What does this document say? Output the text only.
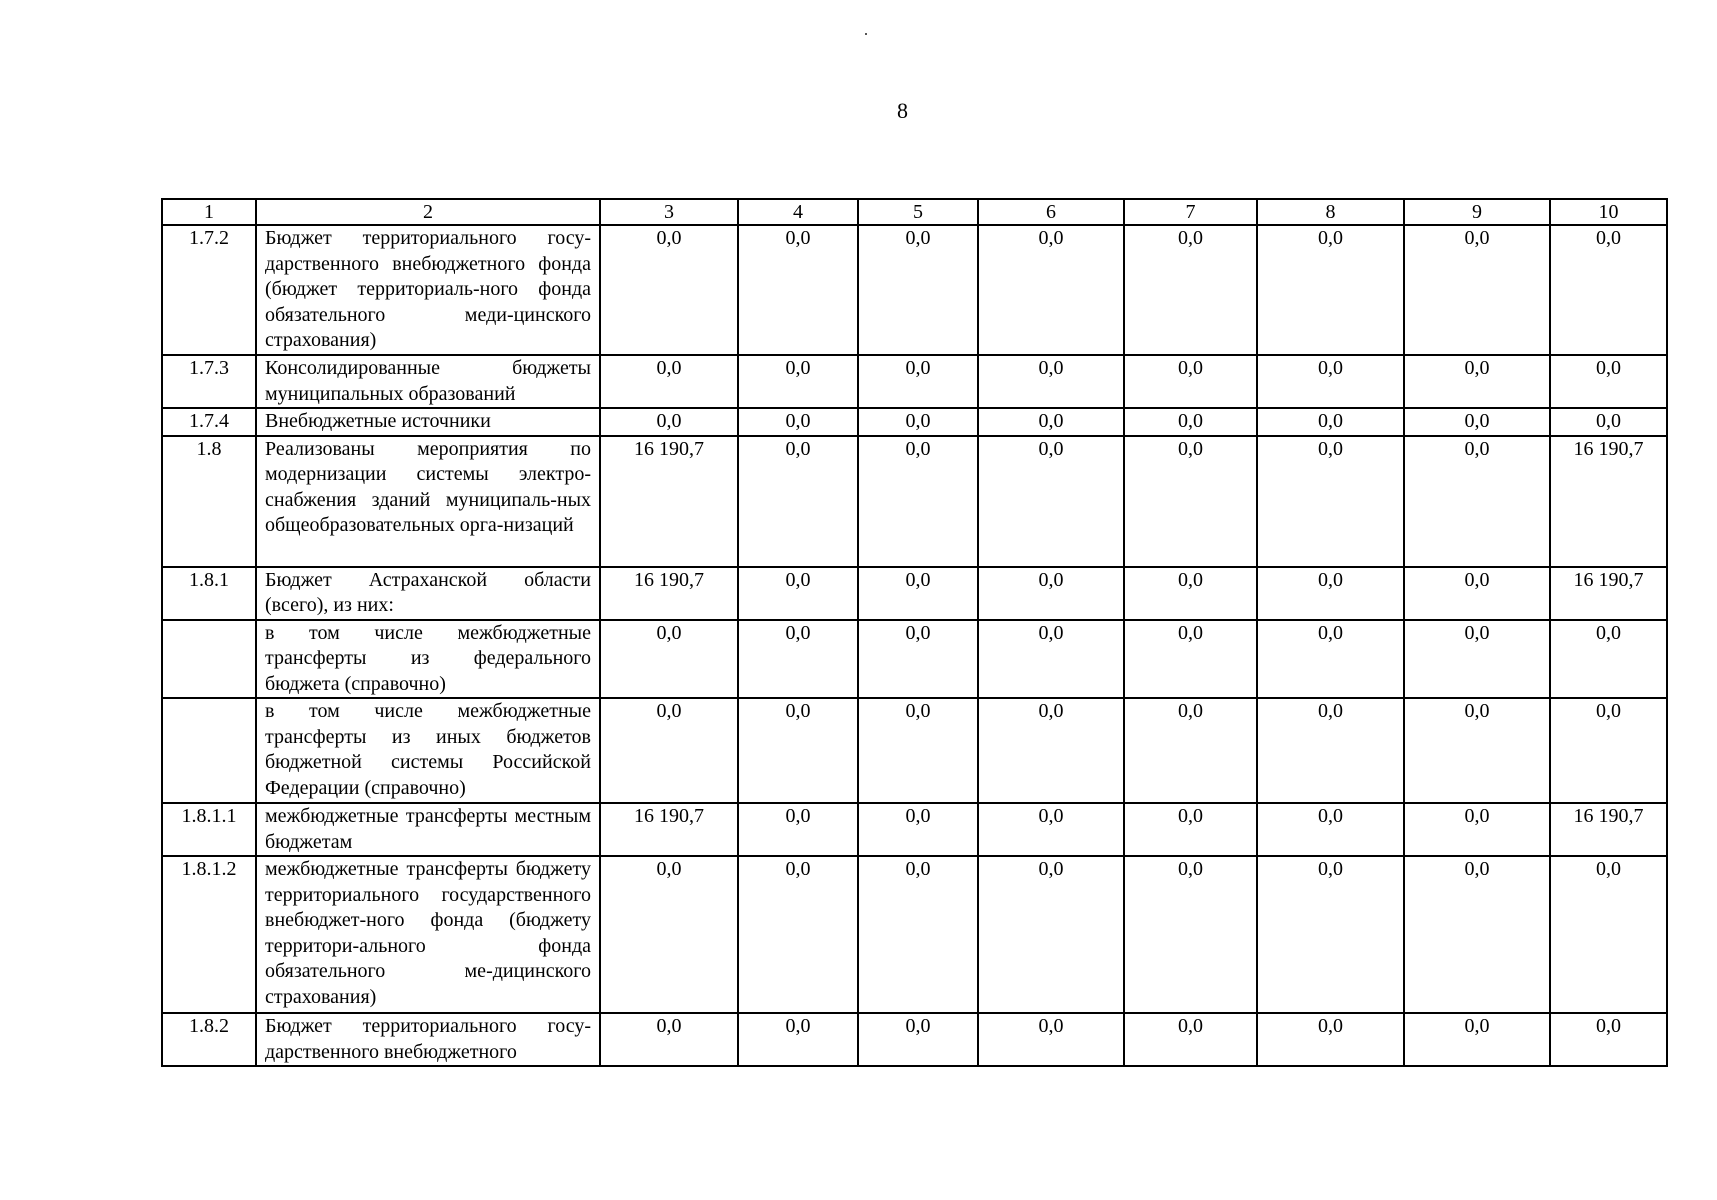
8
1	2	3	4	5	6	7	8	9	10
1.7.2	Бюджет территориального госу-дарственного внебюджетного фонда (бюджет территориаль-ного фонда обязательного меди-цинского страхования)	0,0	0,0	0,0	0,0	0,0	0,0	0,0	0,0
1.7.3	Консолидированные бюджеты муниципальных образований	0,0	0,0	0,0	0,0	0,0	0,0	0,0	0,0
1.7.4	Внебюджетные источники	0,0	0,0	0,0	0,0	0,0	0,0	0,0	0,0
1.8	Реализованы мероприятия по модернизации системы электро-снабжения зданий муниципаль-ных общеобразовательных орга-низаций	16 190,7	0,0	0,0	0,0	0,0	0,0	0,0	16 190,7
1.8.1	Бюджет Астраханской области (всего), из них:	16 190,7	0,0	0,0	0,0	0,0	0,0	0,0	16 190,7
	в том числе межбюджетные трансферты из федерального бюджета (справочно)	0,0	0,0	0,0	0,0	0,0	0,0	0,0	0,0
	в том числе межбюджетные трансферты из иных бюджетов бюджетной системы Российской Федерации (справочно)	0,0	0,0	0,0	0,0	0,0	0,0	0,0	0,0
1.8.1.1	межбюджетные трансферты местным бюджетам	16 190,7	0,0	0,0	0,0	0,0	0,0	0,0	16 190,7
1.8.1.2	межбюджетные трансферты бюджету территориального государственного внебюджет-ного фонда (бюджету территори-ального фонда обязательного ме-дицинского страхования)	0,0	0,0	0,0	0,0	0,0	0,0	0,0	0,0
1.8.2	Бюджет территориального госу-дарственного внебюджетного	0,0	0,0	0,0	0,0	0,0	0,0	0,0	0,0
